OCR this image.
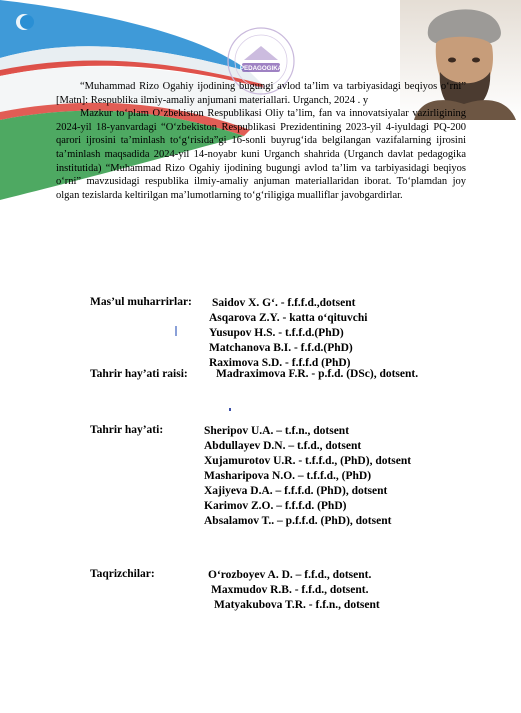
PEDAGOGIKA

“Muhammad Rizo Ogahiy ijodining bugungi avlod ta’lim va tarbiyasidagi beqiyos o‘rni” [Matn]: Respublika ilmiy-amaliy anjumani materiallari. Urganch, 2024 . y

Mazkur to‘plam O‘zbekiston Respublikasi Oliy ta’lim, fan va innovatsiyalar vazirligining 2024-yil 18-yanvardagi “O‘zbekiston Respublikasi Prezidentining 2023-yil 4-iyuldagi PQ-200 qarori ijrosini ta’minlash to‘g‘risida”gi 16-sonli buyrug‘ida belgilangan vazifalarning ijrosini ta’minlash maqsadida 2024-yil 14-noyabr kuni Urganch shahrida (Urganch davlat pedagogika institutida) “Muhammad Rizo Ogahiy ijodining bugungi avlod ta’lim va tarbiyasidagi beqiyos o‘rni” mavzusidagi respublika ilmiy-amaliy anjuman materiallaridan iborat. To‘plamdan joy olgan tezislarda keltirilgan ma’lumotlarning to‘g‘riligiga mualliflar javobgardirlar.

Mas’ul muharrirlar: Saidov X. G‘. - f.f.f.d.,dotsent
Asqarova Z.Y. - katta o‘qituvchi
Yusupov H.S. - t.f.f.d.(PhD)
Matchanova B.I. - f.f.d.(PhD)
Raximova S.D. - f.f.f.d (PhD)
Tahrir hay’ati raisi: Madraximova F.R. - p.f.d. (DSc), dotsent.
Tahrir hay’ati:	Sheripov U.A. – t.f.n., dotsent
Abdullayev D.N. – t.f.d., dotsent
Xujamurotov U.R. - t.f.f.d., (PhD), dotsent
Masharipova N.O. – t.f.f.d., (PhD)
Xajiyeva D.A. – f.f.f.d. (PhD), dotsent
Karimov Z.O. – f.f.f.d. (PhD)
Absalamov T.. – p.f.f.d. (PhD), dotsent
Taqrizchilar:	O‘rozboyev A. D. – f.f.d., dotsent.
Maxmudov R.B. - f.f.d., dotsent.
Matyakubova T.R. - f.f.n., dotsent
